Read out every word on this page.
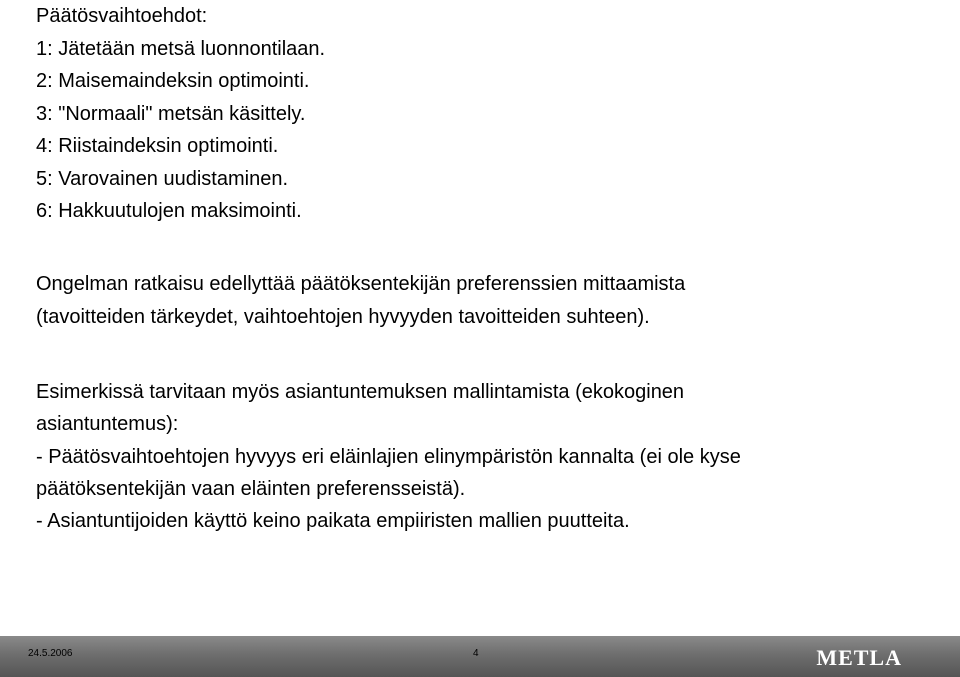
Päätösvaihtoehdot:

1: Jätetään metsä luonnontilaan.

2: Maisemaindeksin optimointi.

3: "Normaali" metsän käsittely.

4: Riistaindeksin optimointi.

5: Varovainen uudistaminen.

6: Hakkuutulojen maksimointi.

Ongelman ratkaisu edellyttää päätöksentekijän preferenssien mittaamista

(tavoitteiden tärkeydet, vaihtoehtojen hyvyyden tavoitteiden suhteen).

Esimerkissä tarvitaan myös asiantuntemuksen mallintamista (ekokoginen

asiantuntemus):

- Päätösvaihtoehtojen hyvyys eri eläinlajien elinympäristön kannalta (ei ole kyse

päätöksentekijän vaan eläinten preferensseistä).

- Asiantuntijoiden käyttö keino paikata empiiristen mallien puutteita.

24.5.2006	4	METLA
